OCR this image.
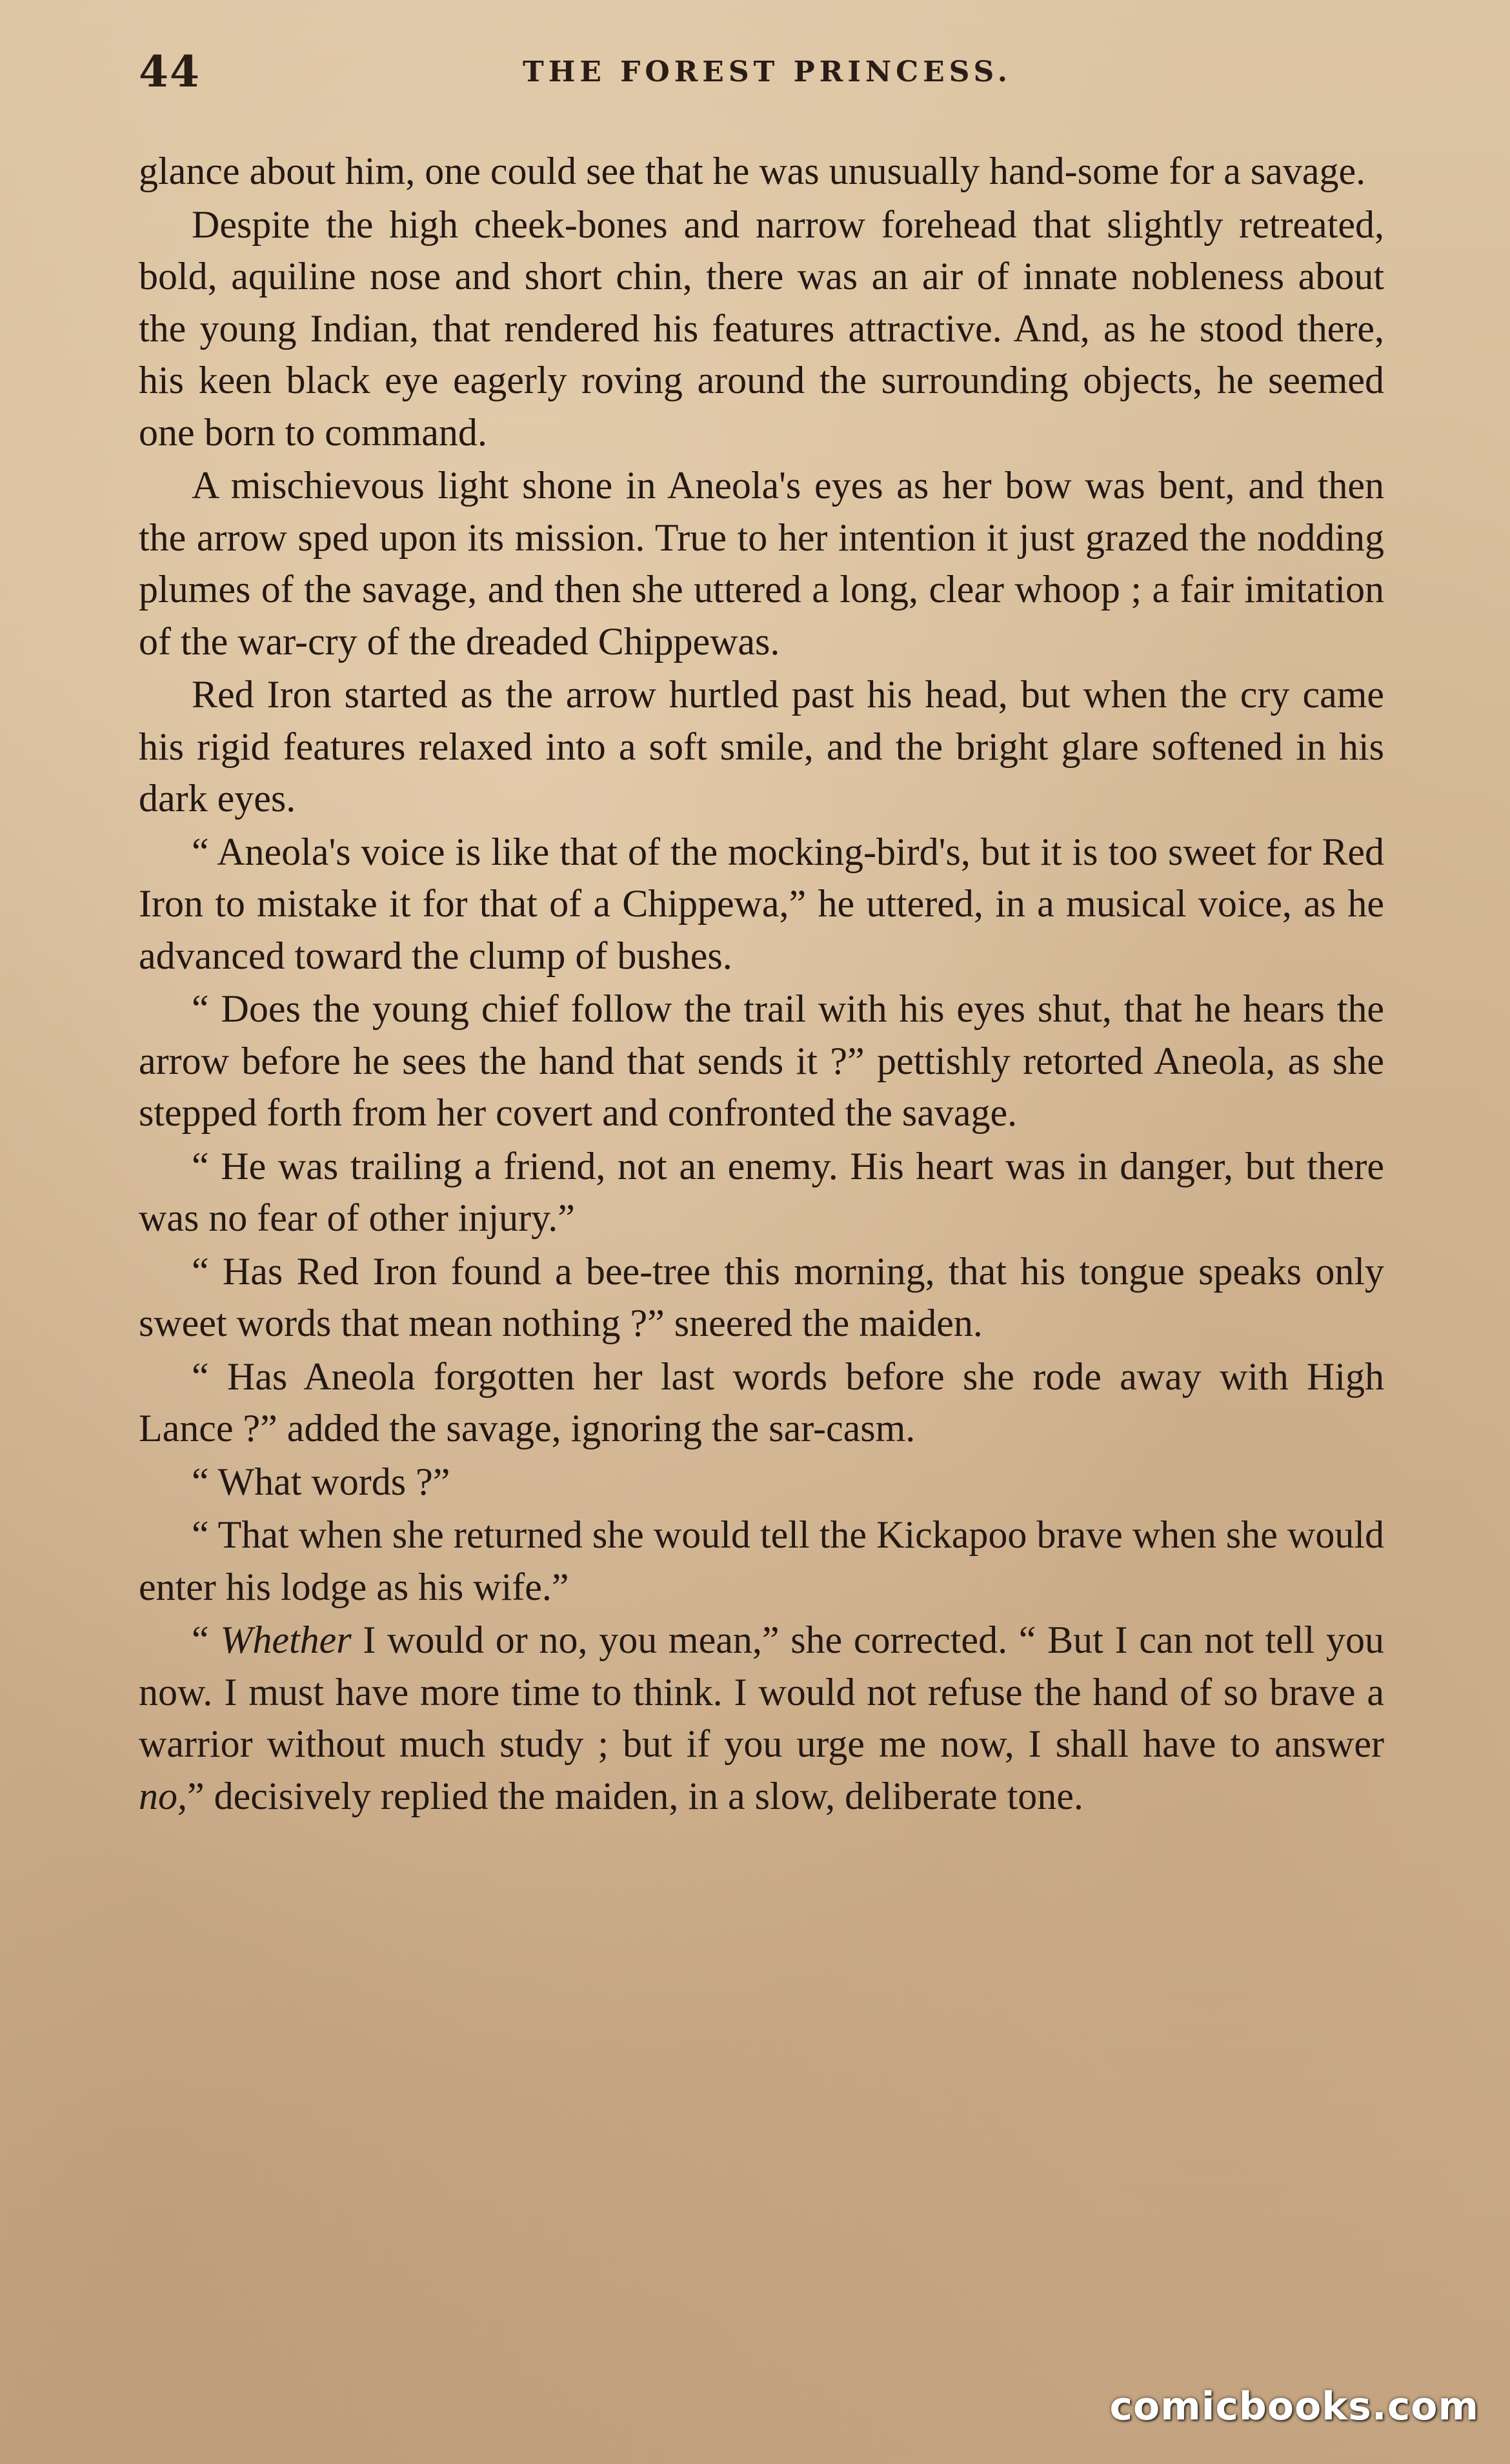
44	THE FOREST PRINCESS.

glance about him, one could see that he was unusually hand-some for a savage.

Despite the high cheek-bones and narrow forehead that slightly retreated, bold, aquiline nose and short chin, there was an air of innate nobleness about the young Indian, that rendered his features attractive. And, as he stood there, his keen black eye eagerly roving around the surrounding objects, he seemed one born to command.

A mischievous light shone in Aneola's eyes as her bow was bent, and then the arrow sped upon its mission. True to her intention it just grazed the nodding plumes of the savage, and then she uttered a long, clear whoop ; a fair imitation of the war-cry of the dreaded Chippewas.

Red Iron started as the arrow hurtled past his head, but when the cry came his rigid features relaxed into a soft smile, and the bright glare softened in his dark eyes.

“ Aneola's voice is like that of the mocking-bird's, but it is too sweet for Red Iron to mistake it for that of a Chippewa,” he uttered, in a musical voice, as he advanced toward the clump of bushes.

“ Does the young chief follow the trail with his eyes shut, that he hears the arrow before he sees the hand that sends it ?” pettishly retorted Aneola, as she stepped forth from her covert and confronted the savage.

“ He was trailing a friend, not an enemy. His heart was in danger, but there was no fear of other injury.”

“ Has Red Iron found a bee-tree this morning, that his tongue speaks only sweet words that mean nothing ?” sneered the maiden.

“ Has Aneola forgotten her last words before she rode away with High Lance ?” added the savage, ignoring the sar-casm.

“ What words ?”

“ That when she returned she would tell the Kickapoo brave when she would enter his lodge as his wife.”

“ Whether I would or no, you mean,” she corrected. “ But I can not tell you now. I must have more time to think. I would not refuse the hand of so brave a warrior without much study ; but if you urge me now, I shall have to answer no,” decisively replied the maiden, in a slow, deliberate tone.

comicbooks.com
